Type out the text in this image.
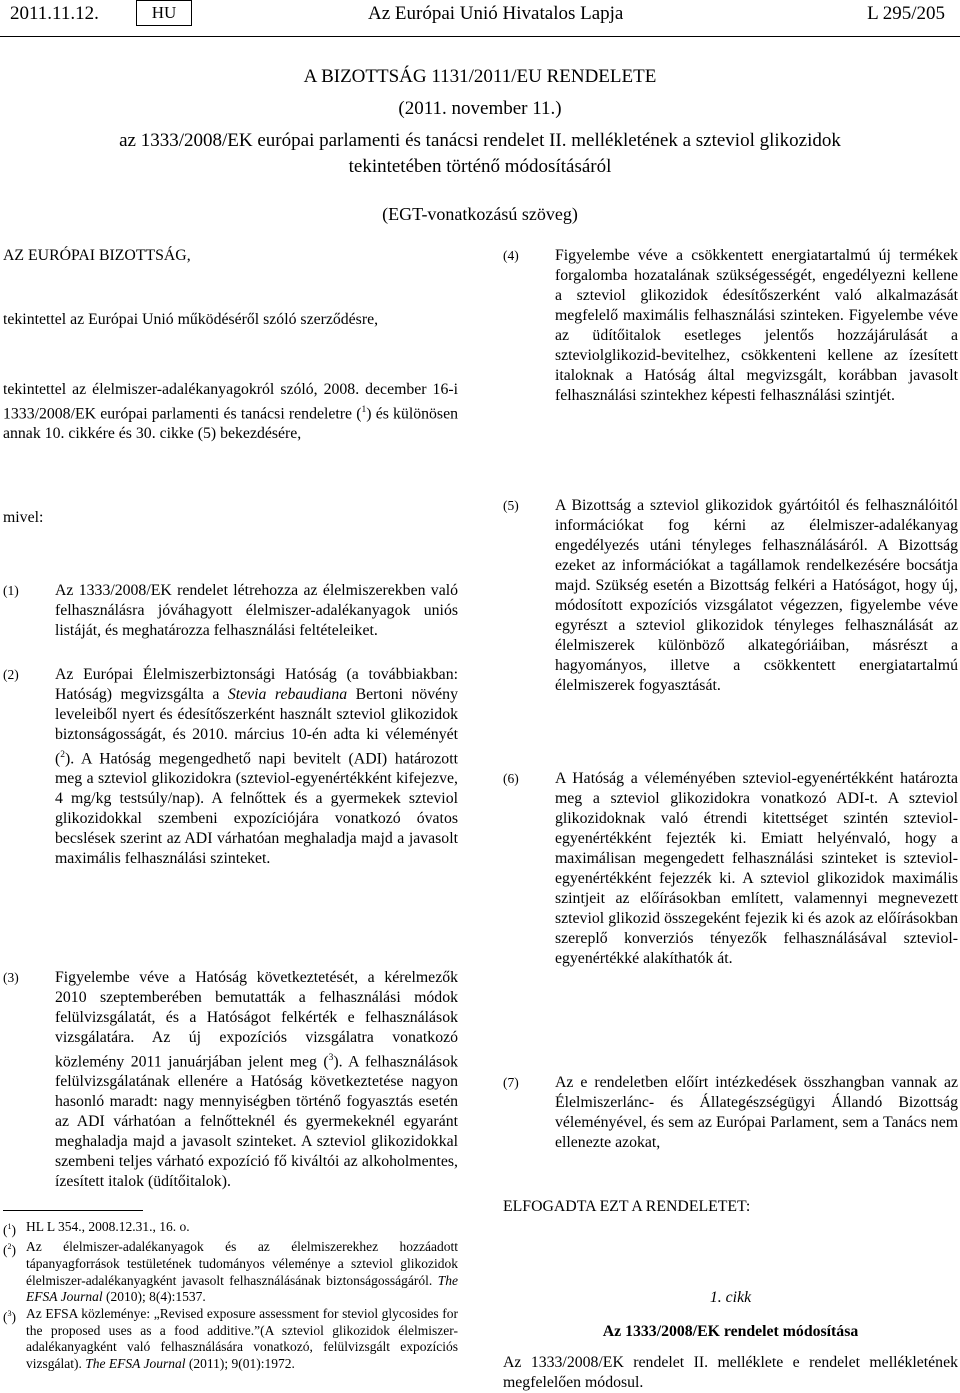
2011.11.12.	HU	Az Európai Unió Hivatalos Lapja	L 295/205
A BIZOTTSÁG 1131/2011/EU RENDELETE
(2011. november 11.)
az 1333/2008/EK európai parlamenti és tanácsi rendelet II. mellékletének a szteviol glikozidok
tekintetében történő módosításáról
(EGT-vonatkozású szöveg)
AZ EURÓPAI BIZOTTSÁG,
tekintettel az Európai Unió működéséről szóló szerződésre,
tekintettel az élelmiszer-adalékanyagokról szóló, 2008. december 16-i 1333/2008/EK európai parlamenti és tanácsi rendeletre ($^1$) és különösen annak 10. cikkére és 30. cikke (5) bekezdésére,
mivel:
(1)	Az 1333/2008/EK rendelet létrehozza az élelmiszerekben való felhasználásra jóváhagyott élelmiszer-adalékanyagok uniós listáját, és meghatározza felhasználási feltételeiket.
(2)	Az Európai Élelmiszerbiztonsági Hatóság (a továbbiakban: Hatóság) megvizsgálta a Stevia rebaudiana Bertoni növény leveleiből nyert és édesítőszerként használt szteviol glikozidok biztonságosságát, és 2010. március 10-én adta ki véleményét ($^2$). A Hatóság megengedhető napi bevitelt (ADI) határozott meg a szteviol glikozidokra (szteviol-egyenértékként kifejezve, 4 mg/kg testsúly/nap). A felnőttek és a gyermekek szteviol glikozidokkal szembeni expozíciójára vonatkozó óvatos becslések szerint az ADI várhatóan meghaladja majd a javasolt maximális felhasználási szinteket.
(3)	Figyelembe véve a Hatóság következtetését, a kérelmezők 2010 szeptemberében bemutatták a felhasználási módok felülvizsgálatát, és a Hatóságot felkérték e felhasználások vizsgálatára. Az új expozíciós vizsgálatra vonatkozó közlemény 2011 januárjában jelent meg ($^3$). A felhasználások felülvizsgálatának ellenére a Hatóság következtetése nagyon hasonló maradt: nagy mennyiségben történő fogyasztás esetén az ADI várhatóan a felnőtteknél és gyermekeknél egyaránt meghaladja majd a javasolt szinteket. A szteviol glikozidokkal szembeni teljes várható expozíció fő kiváltói az alkoholmentes, ízesített italok (üdítőitalok).
($^1$) HL L 354., 2008.12.31., 16. o.
($^2$) Az élelmiszer-adalékanyagok és az élelmiszerekhez hozzáadott tápanyagforrások testületének tudományos véleménye a szteviol glikozidok élelmiszer-adalékanyagként javasolt felhasználásának biztonságosságáról. The EFSA Journal (2010); 8(4):1537.
($^3$) Az EFSA közleménye: „Revised exposure assessment for steviol glycosides for the proposed uses as a food additive.”(A szteviol glikozidok élelmiszer-adalékanyagként való felhasználására vonatkozó, felülvizsgált expozíciós vizsgálat). The EFSA Journal (2011); 9(01):1972.
(4)	Figyelembe véve a csökkentett energiatartalmú új termékek forgalomba hozatalának szükségességét, engedélyezni kellene a szteviol glikozidok édesítőszerként való alkalmazását megfelelő maximális felhasználási szinteken. Figyelembe véve az üdítőitalok esetleges jelentős hozzájárulását a szteviolglikozid-bevitelhez, csökkenteni kellene az ízesített italoknak a Hatóság által megvizsgált, korábban javasolt felhasználási szintekhez képesti felhasználási szintjét.
(5)	A Bizottság a szteviol glikozidok gyártóitól és felhasználóitól információkat fog kérni az élelmiszer-adalékanyag engedélyezés utáni tényleges felhasználásáról. A Bizottság ezeket az információkat a tagállamok rendelkezésére bocsátja majd. Szükség esetén a Bizottság felkéri a Hatóságot, hogy új, módosított expozíciós vizsgálatot végezzen, figyelembe véve egyrészt a szteviol glikozidok tényleges felhasználását az élelmiszerek különböző alkategóriáiban, másrészt a hagyományos, illetve a csökkentett energiatartalmú élelmiszerek fogyasztását.
(6)	A Hatóság a véleményében szteviol-egyenértékként határozta meg a szteviol glikozidokra vonatkozó ADI-t. A szteviol glikozidoknak való étrendi kitettséget szintén szteviol-egyenértékként fejezték ki. Emiatt helyénvaló, hogy a maximálisan megengedett felhasználási szinteket is szteviol-egyenértékként fejezzék ki. A szteviol glikozidok maximális szintjeit az előírásokban említett, valamennyi megnevezett szteviol glikozid összegeként fejezik ki és azok az előírásokban szereplő konverziós tényezők felhasználásával szteviol-egyenértékké alakíthatók át.
(7)	Az e rendeletben előírt intézkedések összhangban vannak az Élelmiszerlánc- és Állategészségügyi Állandó Bizottság véleményével, és sem az Európai Parlament, sem a Tanács nem ellenezte azokat,
ELFOGADTA EZT A RENDELETET:
1. cikk
Az 1333/2008/EK rendelet módosítása
Az 1333/2008/EK rendelet II. melléklete e rendelet mellékletének megfelelően módosul.
